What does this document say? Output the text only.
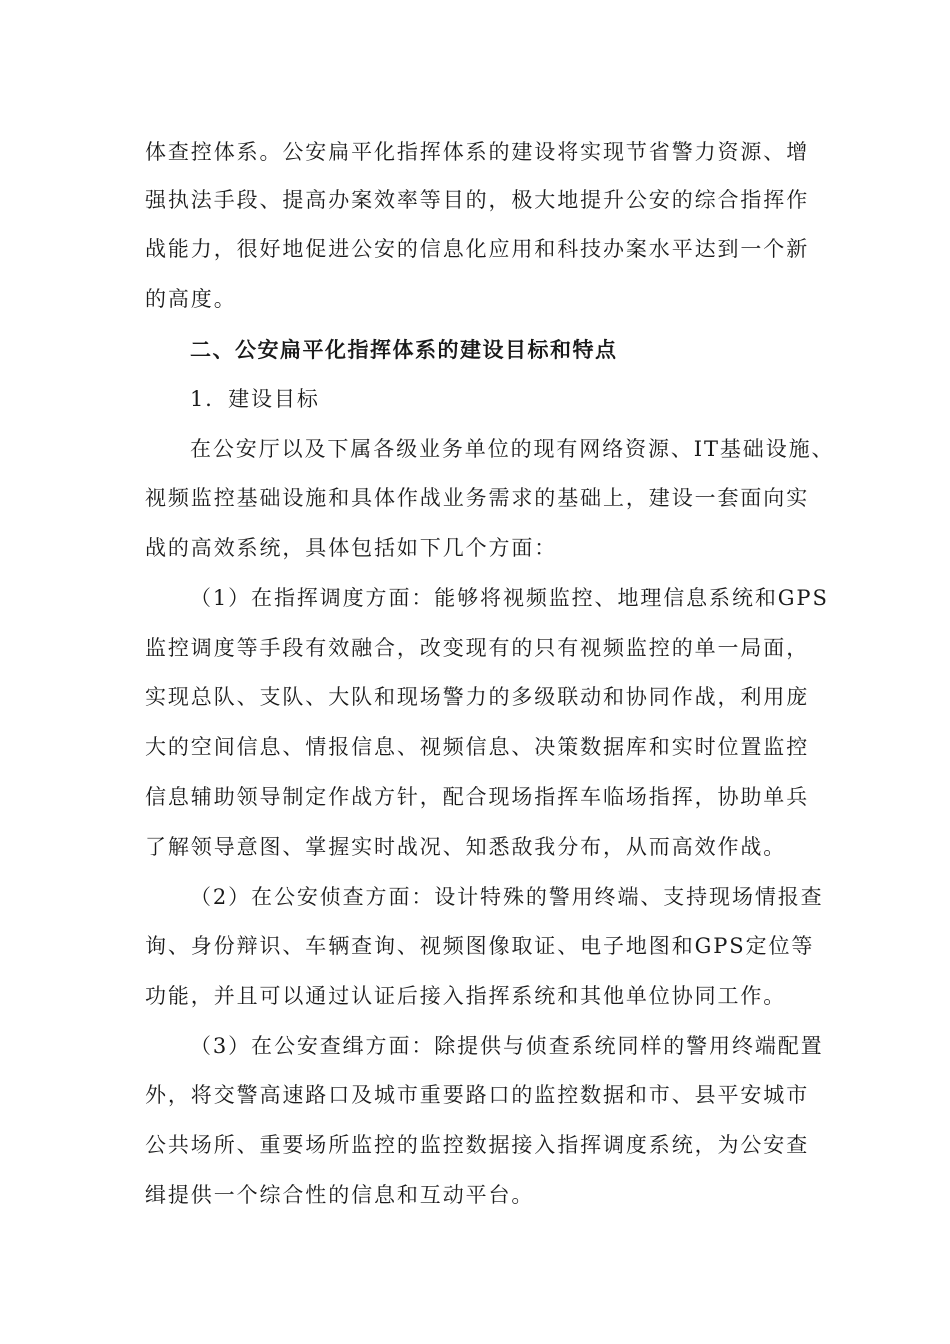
体查控体系。公安扁平化指挥体系的建设将实现节省警力资源、增
强执法手段、提高办案效率等目的，极大地提升公安的综合指挥作
战能力，很好地促进公安的信息化应用和科技办案水平达到一个新
的高度。
二、公安扁平化指挥体系的建设目标和特点
1．建设目标
在公安厅以及下属各级业务单位的现有网络资源、IT基础设施、
视频监控基础设施和具体作战业务需求的基础上，建设一套面向实
战的高效系统，具体包括如下几个方面：
（1）在指挥调度方面：能够将视频监控、地理信息系统和GPS
监控调度等手段有效融合，改变现有的只有视频监控的单一局面，
实现总队、支队、大队和现场警力的多级联动和协同作战，利用庞
大的空间信息、情报信息、视频信息、决策数据库和实时位置监控
信息辅助领导制定作战方针，配合现场指挥车临场指挥，协助单兵
了解领导意图、掌握实时战况、知悉敌我分布，从而高效作战。
（2）在公安侦查方面：设计特殊的警用终端、支持现场情报查
询、身份辩识、车辆查询、视频图像取证、电子地图和GPS定位等
功能，并且可以通过认证后接入指挥系统和其他单位协同工作。
（3）在公安查缉方面：除提供与侦查系统同样的警用终端配置
外，将交警高速路口及城市重要路口的监控数据和市、县平安城市
公共场所、重要场所监控的监控数据接入指挥调度系统，为公安查
缉提供一个综合性的信息和互动平台。
